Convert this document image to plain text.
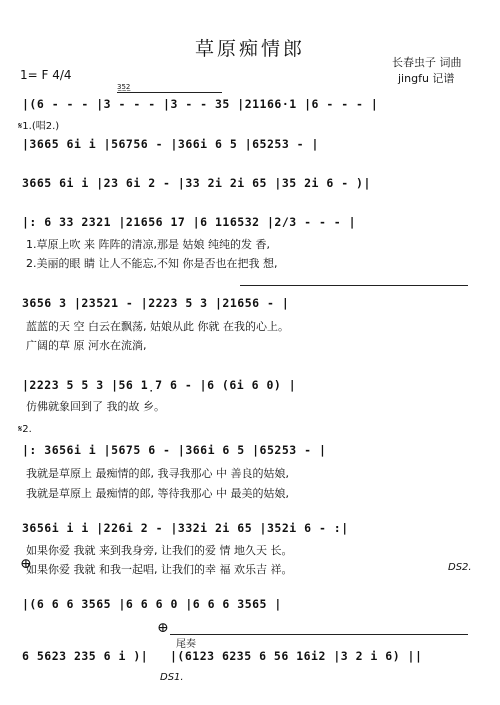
草原痴情郎
长春虫子 词曲
jingfu 记谱
1= F 4/4
3̲5̲2̲
|(6 - - - |3 - - - |3 - - 35 |21166·1 |6 - - - |
𝄋1.(唱2.)
|3665 6i i |56756 - |366i 6 5 |65253 - |
3665 6i i |23 6i 2 - |33 2i 2i 65 |35 2i 6 - )|
|: 6 33 2321 |21656 17 |6 116532 |2/3 - - - |
1.草原上吹 来 阵阵的清凉,那是 姑娘 纯纯的发 香,
2.美丽的眼 睛 让人不能忘,不知 你是否也在把我 想,
3656 3 |23521 - |2223 5 3 |21656 - |
蓝蓝的天 空 白云在飘荡, 姑娘从此 你就 在我的心上。
广阔的草 原 河水在流淌,
|2223 5 5 3 |56 1̣7 6 - |6 (6i 6 0) |
仿佛就象回到了 我的故 乡。
𝄋2.
|: 3656i i |5675 6 - |366i 6 5 |65253 - |
我就是草原上 最痴情的郎, 我寻我那心 中 善良的姑娘,
我就是草原上 最痴情的郎, 等待我那心 中 最美的姑娘,
3656i i i |226i 2 - |332i 2i 65 |352i 6 - :|
如果你爱 我就 来到我身旁, 让我们的爱 情 地久天 长。
如果你爱 我就 和我一起唱, 让我们的幸 福 欢乐吉 祥。
⊕	DS2.
|(6 6 6 3565 |6 6 6 0 |6 6 6 3565 |
⊕
尾奏
6 5623 235 6 i )|	|(6123 6235 6 56 16i2 |3 2 i 6) ||
DS1.
